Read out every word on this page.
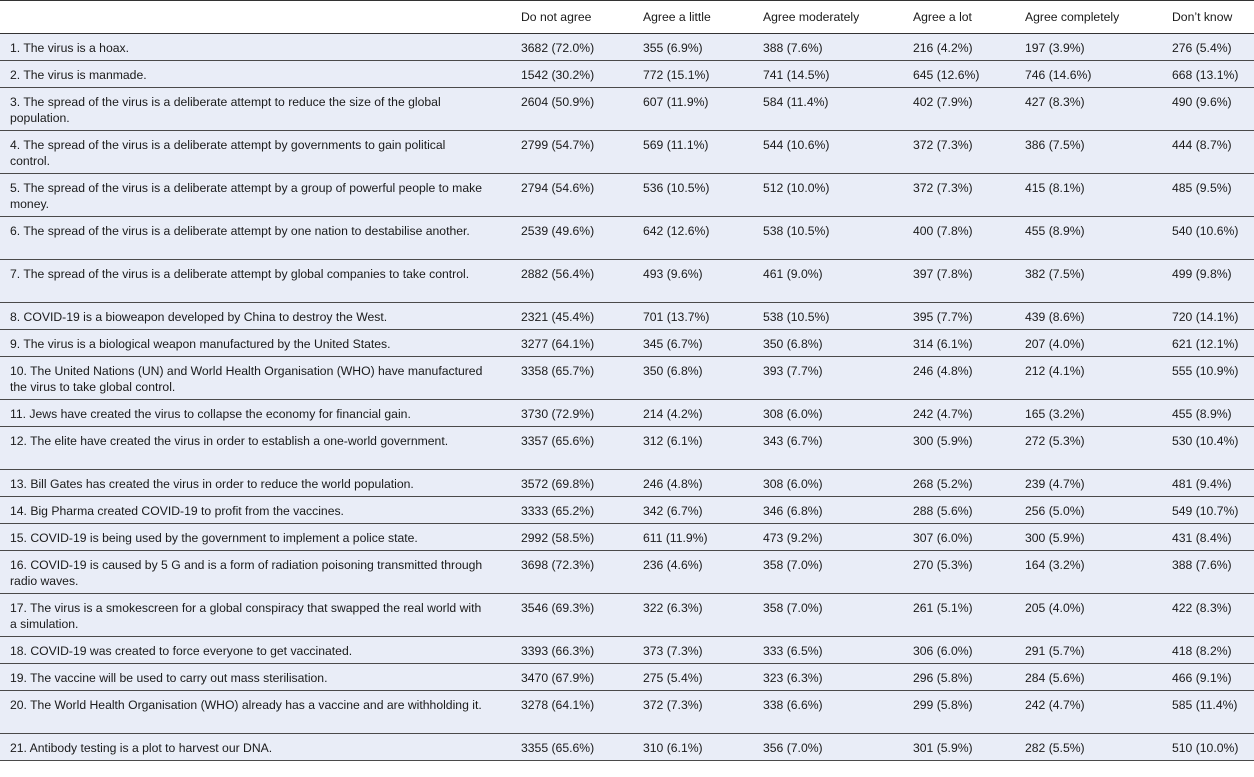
	Do not agree	Agree a little	Agree moderately	Agree a lot	Agree completely	Don’t know
1. The virus is a hoax.	3682 (72.0%)	355 (6.9%)	388 (7.6%)	216 (4.2%)	197 (3.9%)	276 (5.4%)
2. The virus is manmade.	1542 (30.2%)	772 (15.1%)	741 (14.5%)	645 (12.6%)	746 (14.6%)	668 (13.1%)
3. The spread of the virus is a deliberate attempt to reduce the size of the global population.	2604 (50.9%)	607 (11.9%)	584 (11.4%)	402 (7.9%)	427 (8.3%)	490 (9.6%)
4. The spread of the virus is a deliberate attempt by governments to gain political control.	2799 (54.7%)	569 (11.1%)	544 (10.6%)	372 (7.3%)	386 (7.5%)	444 (8.7%)
5. The spread of the virus is a deliberate attempt by a group of powerful people to make money.	2794 (54.6%)	536 (10.5%)	512 (10.0%)	372 (7.3%)	415 (8.1%)	485 (9.5%)
6. The spread of the virus is a deliberate attempt by one nation to destabilise another.	2539 (49.6%)	642 (12.6%)	538 (10.5%)	400 (7.8%)	455 (8.9%)	540 (10.6%)
7. The spread of the virus is a deliberate attempt by global companies to take control.	2882 (56.4%)	493 (9.6%)	461 (9.0%)	397 (7.8%)	382 (7.5%)	499 (9.8%)
8. COVID-19 is a bioweapon developed by China to destroy the West.	2321 (45.4%)	701 (13.7%)	538 (10.5%)	395 (7.7%)	439 (8.6%)	720 (14.1%)
9. The virus is a biological weapon manufactured by the United States.	3277 (64.1%)	345 (6.7%)	350 (6.8%)	314 (6.1%)	207 (4.0%)	621 (12.1%)
10. The United Nations (UN) and World Health Organisation (WHO) have manufactured the virus to take global control.	3358 (65.7%)	350 (6.8%)	393 (7.7%)	246 (4.8%)	212 (4.1%)	555 (10.9%)
11. Jews have created the virus to collapse the economy for financial gain.	3730 (72.9%)	214 (4.2%)	308 (6.0%)	242 (4.7%)	165 (3.2%)	455 (8.9%)
12. The elite have created the virus in order to establish a one-world government.	3357 (65.6%)	312 (6.1%)	343 (6.7%)	300 (5.9%)	272 (5.3%)	530 (10.4%)
13. Bill Gates has created the virus in order to reduce the world population.	3572 (69.8%)	246 (4.8%)	308 (6.0%)	268 (5.2%)	239 (4.7%)	481 (9.4%)
14. Big Pharma created COVID-19 to profit from the vaccines.	3333 (65.2%)	342 (6.7%)	346 (6.8%)	288 (5.6%)	256 (5.0%)	549 (10.7%)
15. COVID-19 is being used by the government to implement a police state.	2992 (58.5%)	611 (11.9%)	473 (9.2%)	307 (6.0%)	300 (5.9%)	431 (8.4%)
16. COVID-19 is caused by 5 G and is a form of radiation poisoning transmitted through radio waves.	3698 (72.3%)	236 (4.6%)	358 (7.0%)	270 (5.3%)	164 (3.2%)	388 (7.6%)
17. The virus is a smokescreen for a global conspiracy that swapped the real world with a simulation.	3546 (69.3%)	322 (6.3%)	358 (7.0%)	261 (5.1%)	205 (4.0%)	422 (8.3%)
18. COVID-19 was created to force everyone to get vaccinated.	3393 (66.3%)	373 (7.3%)	333 (6.5%)	306 (6.0%)	291 (5.7%)	418 (8.2%)
19. The vaccine will be used to carry out mass sterilisation.	3470 (67.9%)	275 (5.4%)	323 (6.3%)	296 (5.8%)	284 (5.6%)	466 (9.1%)
20. The World Health Organisation (WHO) already has a vaccine and are withholding it.	3278 (64.1%)	372 (7.3%)	338 (6.6%)	299 (5.8%)	242 (4.7%)	585 (11.4%)
21. Antibody testing is a plot to harvest our DNA.	3355 (65.6%)	310 (6.1%)	356 (7.0%)	301 (5.9%)	282 (5.5%)	510 (10.0%)
